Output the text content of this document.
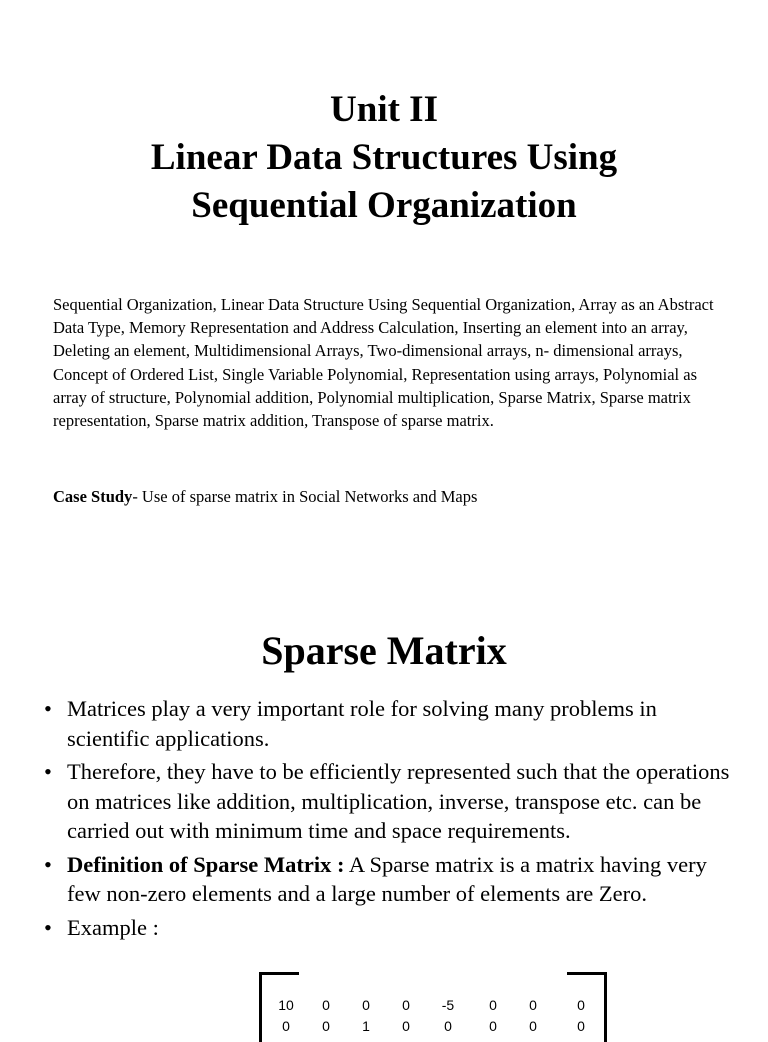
Unit II
Linear Data Structures Using
Sequential Organization
Sequential Organization, Linear Data Structure Using Sequential Organization, Array as an Abstract Data Type, Memory Representation and Address Calculation, Inserting an element into an array, Deleting an element, Multidimensional Arrays, Two-dimensional arrays, n- dimensional arrays, Concept of Ordered List, Single Variable Polynomial, Representation using arrays, Polynomial as array of structure, Polynomial addition, Polynomial multiplication, Sparse Matrix, Sparse matrix representation, Sparse matrix addition, Transpose of sparse matrix.
Case Study- Use of sparse matrix in Social Networks and Maps
Sparse Matrix
• Matrices play a very important role for solving many problems in scientific applications.
• Therefore, they have to be efficiently represented such that the operations on matrices like addition, multiplication, inverse, transpose etc. can be carried out with minimum time and space requirements.
• Definition of Sparse Matrix : A Sparse matrix is a matrix having very few non-zero elements and a large number of elements are Zero.
• Example :
10	0	0	0	-5	0	0	0
0	0	1	0	0	0	0	0
